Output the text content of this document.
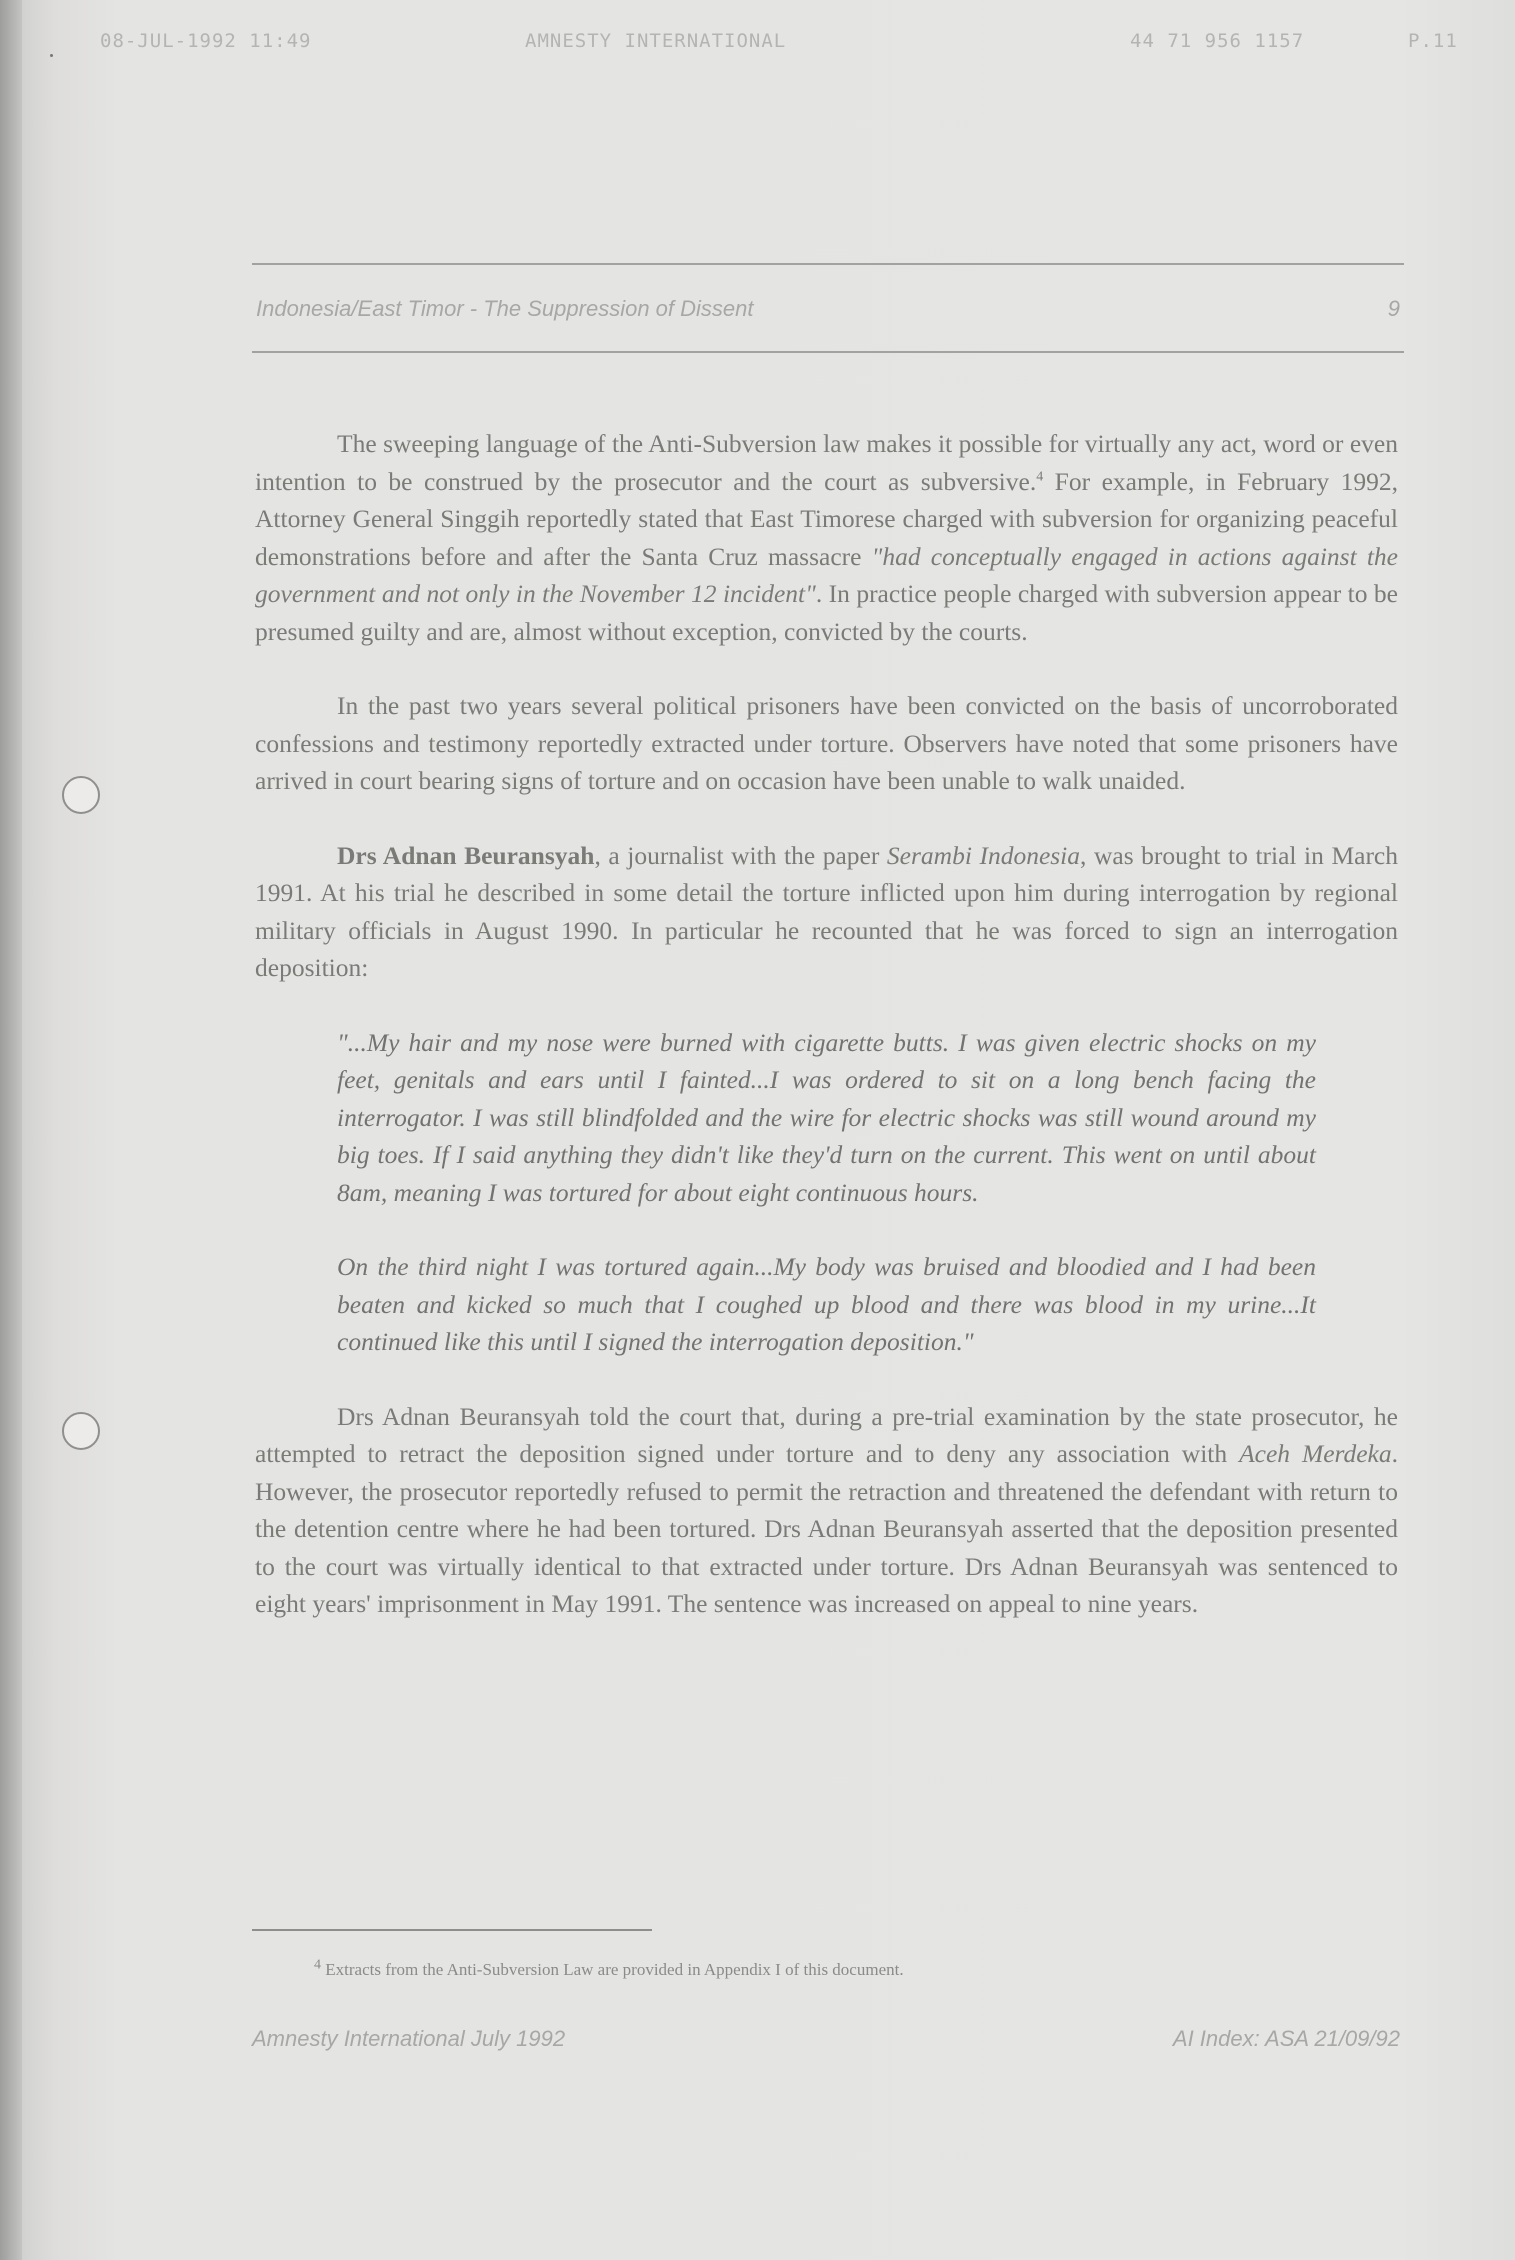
08-JUL-1992 11:49	AMNESTY INTERNATIONAL	44 71 956 1157	P.11
Indonesia/East Timor - The Suppression of Dissent	9

The sweeping language of the Anti-Subversion law makes it possible for virtually any act, word or even intention to be construed by the prosecutor and the court as subversive.$^4$ For example, in February 1992, Attorney General Singgih reportedly stated that East Timorese charged with subversion for organizing peaceful demonstrations before and after the Santa Cruz massacre "had conceptually engaged in actions against the government and not only in the November 12 incident". In practice people charged with subversion appear to be presumed guilty and are, almost without exception, convicted by the courts.

In the past two years several political prisoners have been convicted on the basis of uncorroborated confessions and testimony reportedly extracted under torture. Observers have noted that some prisoners have arrived in court bearing signs of torture and on occasion have been unable to walk unaided.

Drs Adnan Beuransyah, a journalist with the paper Serambi Indonesia, was brought to trial in March 1991. At his trial he described in some detail the torture inflicted upon him during interrogation by regional military officials in August 1990. In particular he recounted that he was forced to sign an interrogation deposition:

"...My hair and my nose were burned with cigarette butts. I was given electric shocks on my feet, genitals and ears until I fainted...I was ordered to sit on a long bench facing the interrogator. I was still blindfolded and the wire for electric shocks was still wound around my big toes. If I said anything they didn't like they'd turn on the current. This went on until about 8am, meaning I was tortured for about eight continuous hours.

On the third night I was tortured again...My body was bruised and bloodied and I had been beaten and kicked so much that I coughed up blood and there was blood in my urine...It continued like this until I signed the interrogation deposition."

Drs Adnan Beuransyah told the court that, during a pre-trial examination by the state prosecutor, he attempted to retract the deposition signed under torture and to deny any association with Aceh Merdeka. However, the prosecutor reportedly refused to permit the retraction and threatened the defendant with return to the detention centre where he had been tortured. Drs Adnan Beuransyah asserted that the deposition presented to the court was virtually identical to that extracted under torture. Drs Adnan Beuransyah was sentenced to eight years' imprisonment in May 1991. The sentence was increased on appeal to nine years.

$^4$ Extracts from the Anti-Subversion Law are provided in Appendix I of this document.
Amnesty International July 1992	AI Index: ASA 21/09/92
